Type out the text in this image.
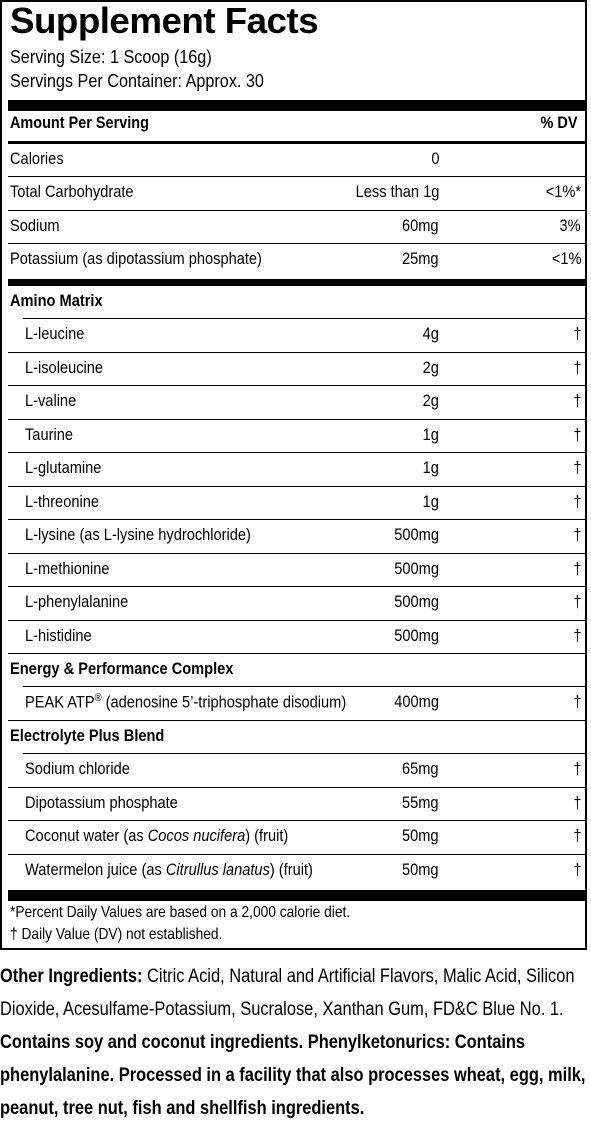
Supplement Facts
Serving Size: 1 Scoop (16g)
Servings Per Container: Approx. 30
Amount Per Serving	% DV
Calories	0
Total Carbohydrate	Less than 1g	<1%*
Sodium	60mg	3%
Potassium (as dipotassium phosphate)	25mg	<1%
Amino Matrix
L-leucine	4g	†
L-isoleucine	2g	†
L-valine	2g	†
Taurine	1g	†
L-glutamine	1g	†
L-threonine	1g	†
L-lysine (as L-lysine hydrochloride)	500mg	†
L-methionine	500mg	†
L-phenylalanine	500mg	†
L-histidine	500mg	†
Energy & Performance Complex
PEAK ATP® (adenosine 5’-triphosphate disodium)	400mg	†
Electrolyte Plus Blend
Sodium chloride	65mg	†
Dipotassium phosphate	55mg	†
Coconut water (as Cocos nucifera) (fruit)	50mg	†
Watermelon juice (as Citrullus lanatus) (fruit)	50mg	†
*Percent Daily Values are based on a 2,000 calorie diet.
† Daily Value (DV) not established.
Other Ingredients: Citric Acid, Natural and Artificial Flavors, Malic Acid, Silicon Dioxide, Acesulfame-Potassium, Sucralose, Xanthan Gum, FD&C Blue No. 1. Contains soy and coconut ingredients. Phenylketonurics: Contains phenylalanine. Processed in a facility that also processes wheat, egg, milk, peanut, tree nut, fish and shellfish ingredients.
